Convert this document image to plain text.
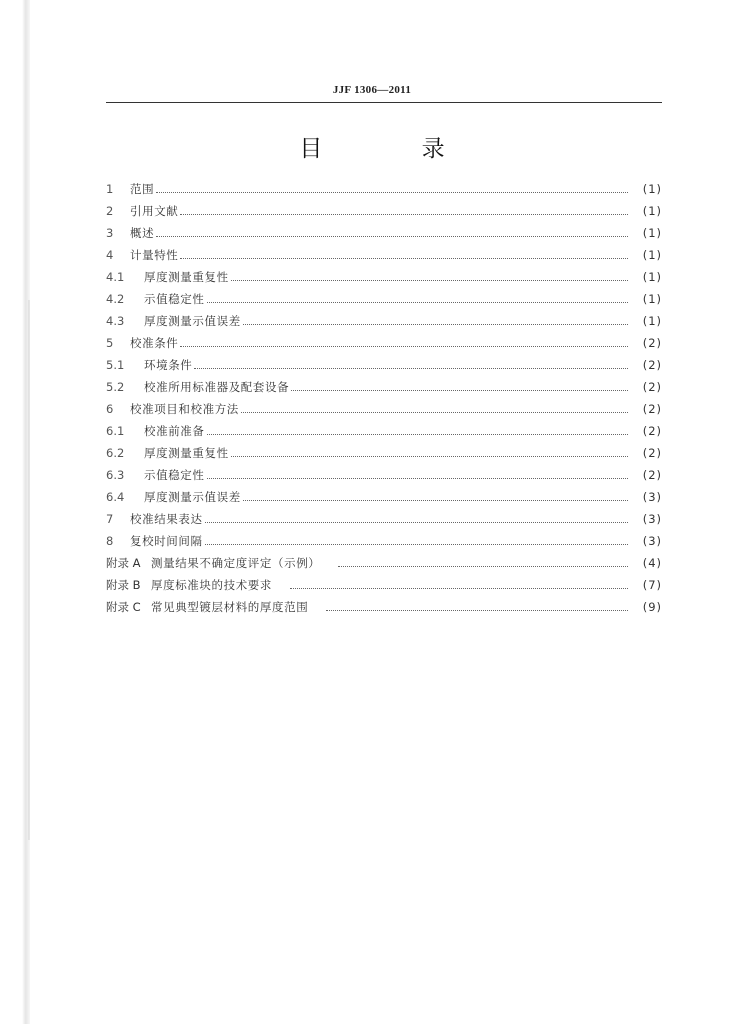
JJF 1306—2011
目 录
1	范围	(1)
2	引用文献	(1)
3	概述	(1)
4	计量特性	(1)
4.1	厚度测量重复性	(1)
4.2	示值稳定性	(1)
4.3	厚度测量示值误差	(1)
5	校准条件	(2)
5.1	环境条件	(2)
5.2	校准所用标准器及配套设备	(2)
6	校准项目和校准方法	(2)
6.1	校准前准备	(2)
6.2	厚度测量重复性	(2)
6.3	示值稳定性	(2)
6.4	厚度测量示值误差	(3)
7	校准结果表达	(3)
8	复校时间间隔	(3)
附录 A 测量结果不确定度评定（示例）	(4)
附录 B 厚度标准块的技术要求	(7)
附录 C 常见典型镀层材料的厚度范围	(9)
